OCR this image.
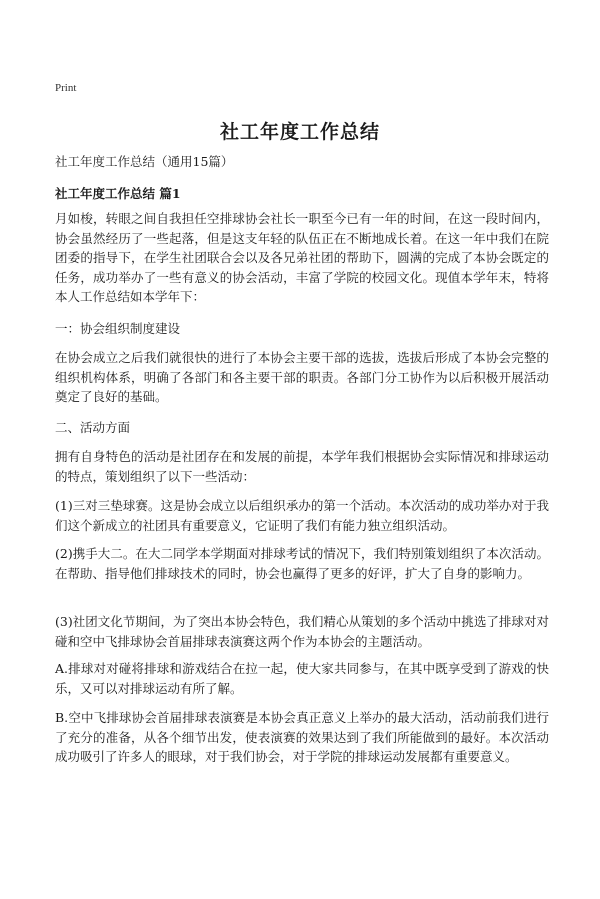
Print
社工年度工作总结
社工年度工作总结（通用15篇）
社工年度工作总结 篇1

月如梭，转眼之间自我担任空排球协会社长一职至今已有一年的时间，在这一段时间内，协会虽然经历了一些起落，但是这支年轻的队伍正在不断地成长着。在这一年中我们在院团委的指导下，在学生社团联合会以及各兄弟社团的帮助下，圆满的完成了本协会既定的任务，成功举办了一些有意义的协会活动，丰富了学院的校园文化。现值本学年末，特将本人工作总结如本学年下：

一：协会组织制度建设

在协会成立之后我们就很快的进行了本协会主要干部的选拔，选拔后形成了本协会完整的组织机构体系，明确了各部门和各主要干部的职责。各部门分工协作为以后积极开展活动奠定了良好的基础。

二、活动方面

拥有自身特色的活动是社团存在和发展的前提，本学年我们根据协会实际情况和排球运动的特点，策划组织了以下一些活动：

(1)三对三垫球赛。这是协会成立以后组织承办的第一个活动。本次活动的成功举办对于我们这个新成立的社团具有重要意义，它证明了我们有能力独立组织活动。

(2)携手大二。在大二同学本学期面对排球考试的情况下，我们特别策划组织了本次活动。在帮助、指导他们排球技术的同时，协会也赢得了更多的好评，扩大了自身的影响力。

(3)社团文化节期间，为了突出本协会特色，我们精心从策划的多个活动中挑选了排球对对碰和空中飞排球协会首届排球表演赛这两个作为本协会的主题活动。

A.排球对对碰将排球和游戏结合在拉一起，使大家共同参与，在其中既享受到了游戏的快乐，又可以对排球运动有所了解。

B.空中飞排球协会首届排球表演赛是本协会真正意义上举办的最大活动，活动前我们进行了充分的准备，从各个细节出发，使表演赛的效果达到了我们所能做到的最好。本次活动成功吸引了许多人的眼球，对于我们协会，对于学院的排球运动发展都有重要意义。
